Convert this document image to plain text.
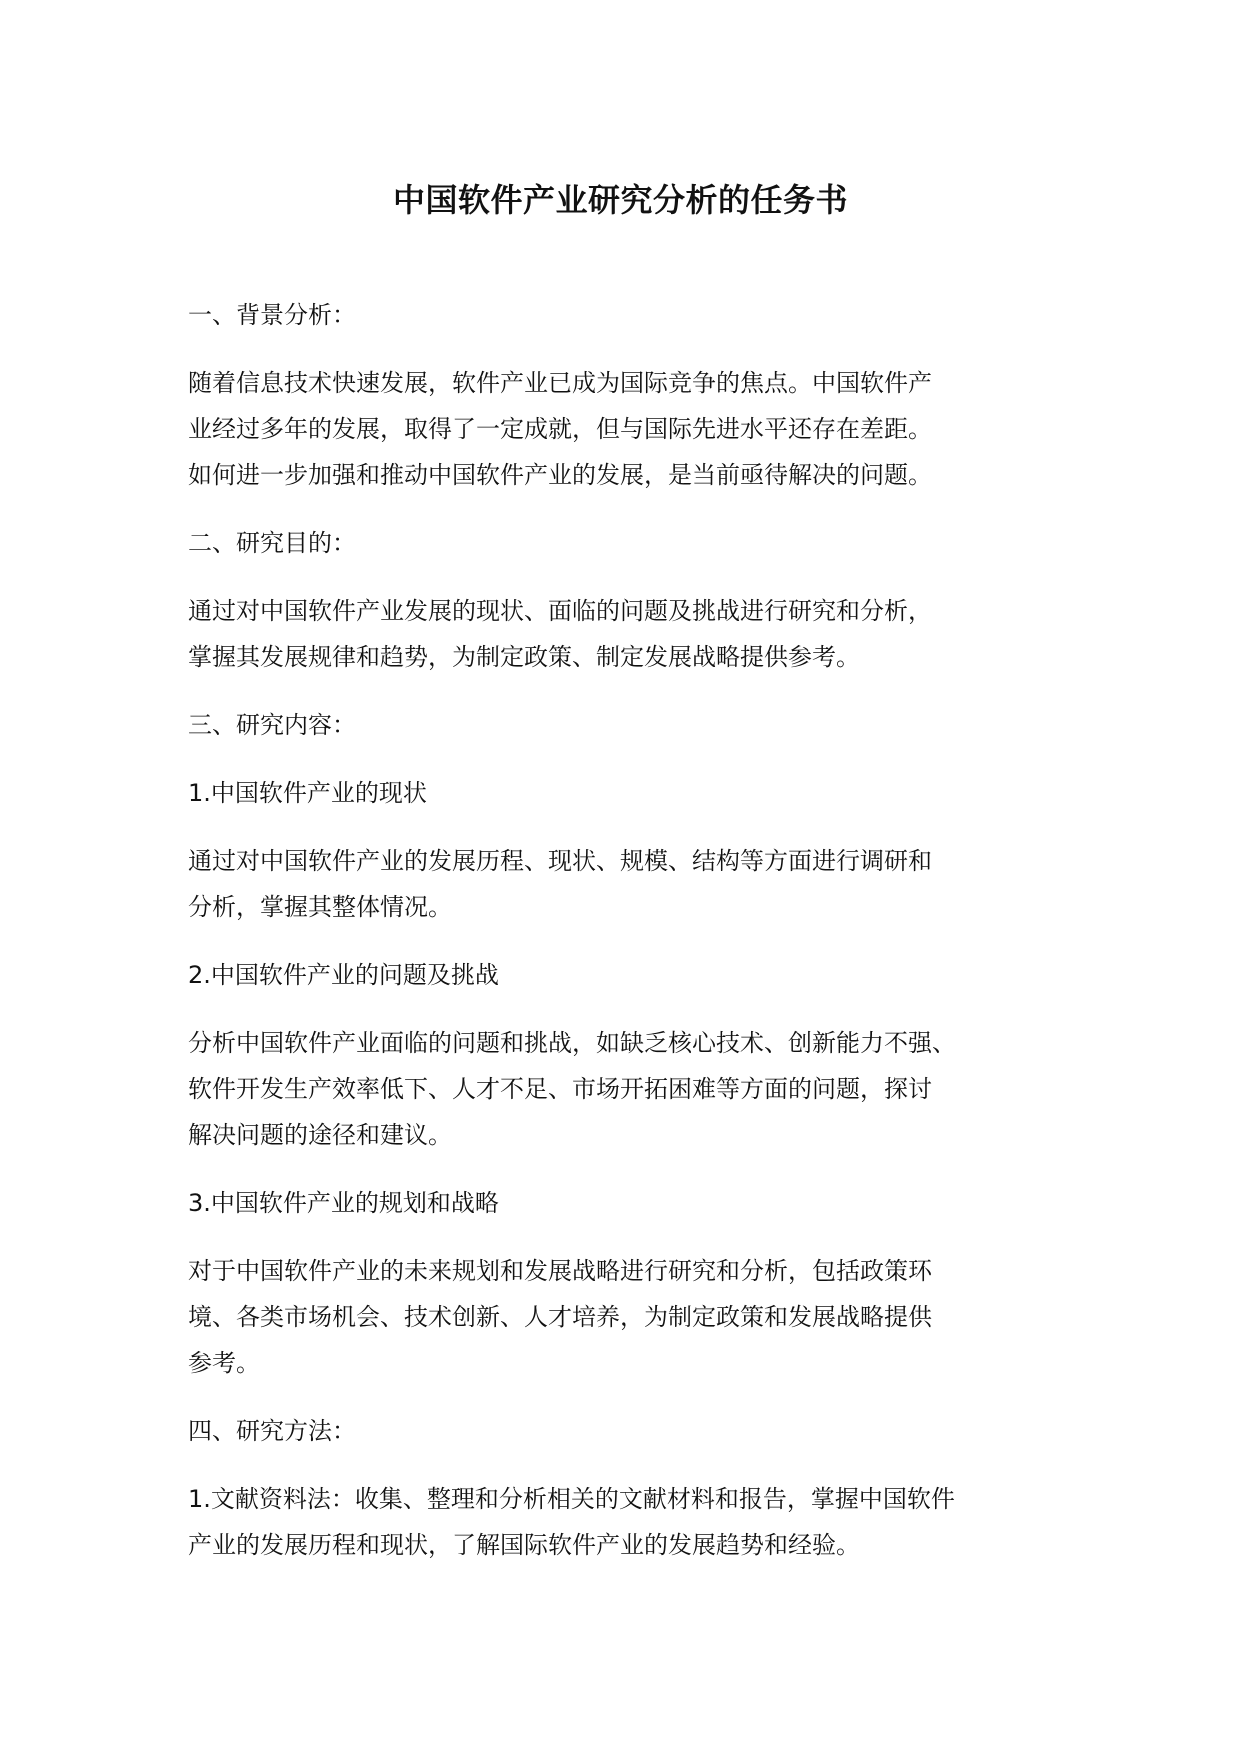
中国软件产业研究分析的任务书

一、背景分析：

随着信息技术快速发展，软件产业已成为国际竞争的焦点。中国软件产
业经过多年的发展，取得了一定成就，但与国际先进水平还存在差距。
如何进一步加强和推动中国软件产业的发展，是当前亟待解决的问题。

二、研究目的：

通过对中国软件产业发展的现状、面临的问题及挑战进行研究和分析，
掌握其发展规律和趋势，为制定政策、制定发展战略提供参考。

三、研究内容：

1.中国软件产业的现状

通过对中国软件产业的发展历程、现状、规模、结构等方面进行调研和
分析，掌握其整体情况。

2.中国软件产业的问题及挑战

分析中国软件产业面临的问题和挑战，如缺乏核心技术、创新能力不强、
软件开发生产效率低下、人才不足、市场开拓困难等方面的问题，探讨
解决问题的途径和建议。

3.中国软件产业的规划和战略

对于中国软件产业的未来规划和发展战略进行研究和分析，包括政策环
境、各类市场机会、技术创新、人才培养，为制定政策和发展战略提供
参考。

四、研究方法：

1.文献资料法：收集、整理和分析相关的文献材料和报告，掌握中国软件
产业的发展历程和现状，了解国际软件产业的发展趋势和经验。
